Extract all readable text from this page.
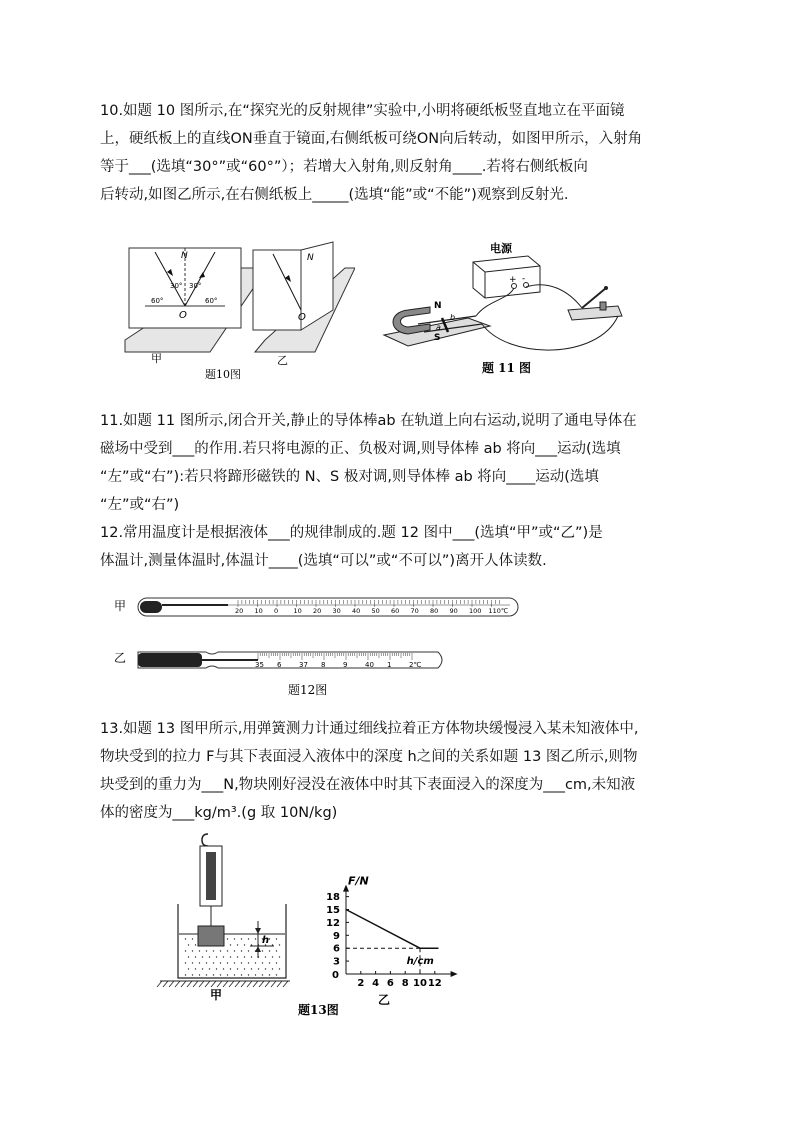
10.如题 10 图所示,在“探究光的反射规律”实验中,小明将硬纸板竖直地立在平面镜

上，硬纸板上的直线ON垂直于镜面,右侧纸板可绕ON向后转动，如图甲所示，入射角

等于___(选填“30°”或“60°”）；若增大入射角,则反射角____.若将右侧纸板向

后转动,如图乙所示,在右侧纸板上_____(选填“能”或“不能”)观察到反射光.

N
30° 30°
60°	60°
O
N
O
甲	乙
题10图
电源
+ -
N
S
a
b
题 11 图

11.如题 11 图所示,闭合开关,静止的导体棒ab 在轨道上向右运动,说明了通电导体在

磁场中受到___的作用.若只将电源的正、负极对调,则导体棒 ab 将向___运动(选填

“左”或“右”):若只将蹄形磁铁的 N、S 极对调,则导体棒 ab 将向____运动(选填

“左”或“右”)

12.常用温度计是根据液体___的规律制成的.题 12 图中___(选填“甲”或“乙”)是

体温计,测量体温时,体温计____(选填“可以”或“不可以”)离开人体读数.

甲	20 10 0 10 20 30 40 50 60 70 80 90 100 110℃
乙	35 6	37 8	9	40 1	2℃
题12图

13.如题 13 图甲所示,用弹簧测力计通过细线拉着正方体物块缓慢浸入某未知液体中,

物块受到的拉力 F与其下表面浸入液体中的深度 h之间的关系如题 13 图乙所示,则物

块受到的重力为___N,物块刚好浸没在液体中时其下表面浸入的深度为___cm,未知液

体的密度为___kg/m³.(g 取 10N/kg)

h
甲
F/N
h/cm
0
3
6
9
12
15
18
2 4 6 8 10 12
乙
题13图
